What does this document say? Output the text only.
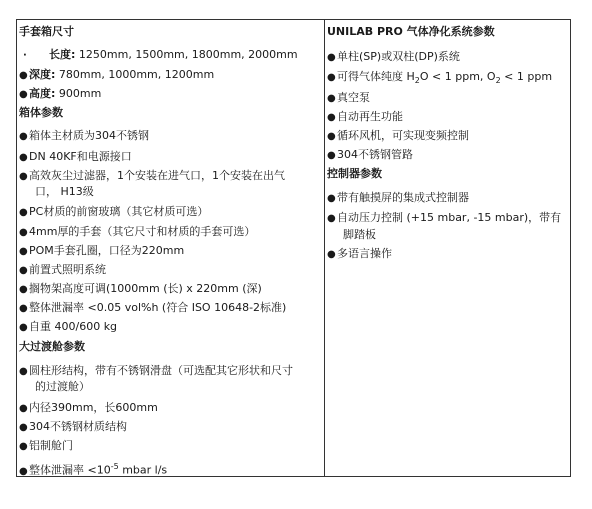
手套箱尺寸
· 长度: 1250mm, 1500mm, 1800mm, 2000mm
●深度: 780mm, 1000mm, 1200mm
●高度: 900mm
箱体参数
●箱体主材质为304不锈钢
●DN 40KF和电源接口
●高效灰尘过滤器，1个安装在进气口，1个安装在出气
口， H13级
●PC材质的前窗玻璃（其它材质可选）
●4mm厚的手套（其它尺寸和材质的手套可选）
●POM手套孔圈，口径为220mm
●前置式照明系统
●搁物架高度可调(1000mm (长) x 220mm (深)
●整体泄漏率 <0.05 vol%h (符合 ISO 10648-2标准)
●自重 400/600 kg
大过渡舱参数
●圆柱形结构，带有不锈钢滑盘（可选配其它形状和尺寸
的过渡舱）
●内径390mm，长600mm
●304不锈钢材质结构
●铝制舱门
●整体泄漏率 $<10^{-5}$ mbar l/s
UNILAB PRO 气体净化系统参数
●单柱(SP)或双柱(DP)系统
●可得气体纯度 $H_2O < 1$ ppm, $O_2 < 1$ ppm
●真空泵
●自动再生功能
●循环风机，可实现变频控制
●304不锈钢管路
控制器参数
●带有触摸屏的集成式控制器
●自动压力控制 (+15 mbar, -15 mbar)，带有
脚踏板
●多语言操作
